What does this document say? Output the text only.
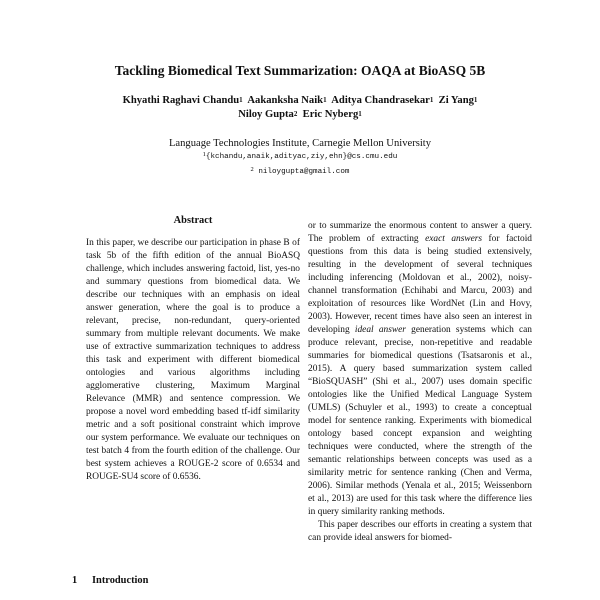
Tackling Biomedical Text Summarization: OAQA at BioASQ 5B
Khyathi Raghavi Chandu$^1$ Aakanksha Naik$^1$ Aditya Chandrasekar$^1$ Zi Yang$^1$
Niloy Gupta$^2$ Eric Nyberg$^1$
Language Technologies Institute, Carnegie Mellon University
$^1${kchandu,anaik,adityac,ziy,ehn}@cs.cmu.edu
$^2$ niloygupta@gmail.com
Abstract

In this paper, we describe our participation in phase B of task 5b of the fifth edition of the annual BioASQ challenge, which includes answering factoid, list, yes-no and summary questions from biomedical data. We describe our techniques with an emphasis on ideal answer generation, where the goal is to produce a relevant, precise, non-redundant, query-oriented summary from multiple relevant documents. We make use of extractive summarization techniques to address this task and experiment with different biomedical ontologies and various algorithms including agglomerative clustering, Maximum Marginal Relevance (MMR) and sentence compression. We propose a novel word embedding based tf-idf similarity metric and a soft positional constraint which improve our system performance. We evaluate our techniques on test batch 4 from the fourth edition of the challenge. Our best system achieves a ROUGE-2 score of 0.6534 and ROUGE-SU4 score of 0.6536.

1 Introduction

or to summarize the enormous content to answer a query. The problem of extracting exact answers for factoid questions from this data is being studied extensively, resulting in the development of several techniques including inferencing (Moldovan et al., 2002), noisy-channel transformation (Echihabi and Marcu, 2003) and exploitation of resources like WordNet (Lin and Hovy, 2003). However, recent times have also seen an interest in developing ideal answer generation systems which can produce relevant, precise, non-repetitive and readable summaries for biomedical questions (Tsatsaronis et al., 2015). A query based summarization system called “BioSQUASH” (Shi et al., 2007) uses domain specific ontologies like the Unified Medical Language System (UMLS) (Schuyler et al., 1993) to create a conceptual model for sentence ranking. Experiments with biomedical ontology based concept expansion and weighting techniques were conducted, where the strength of the semantic relationships between concepts was used as a similarity metric for sentence ranking (Chen and Verma, 2006). Similar methods (Yenala et al., 2015; Weissenborn et al., 2013) are used for this task where the difference lies in query similarity ranking methods.

This paper describes our efforts in creating a system that can provide ideal answers for biomed-
